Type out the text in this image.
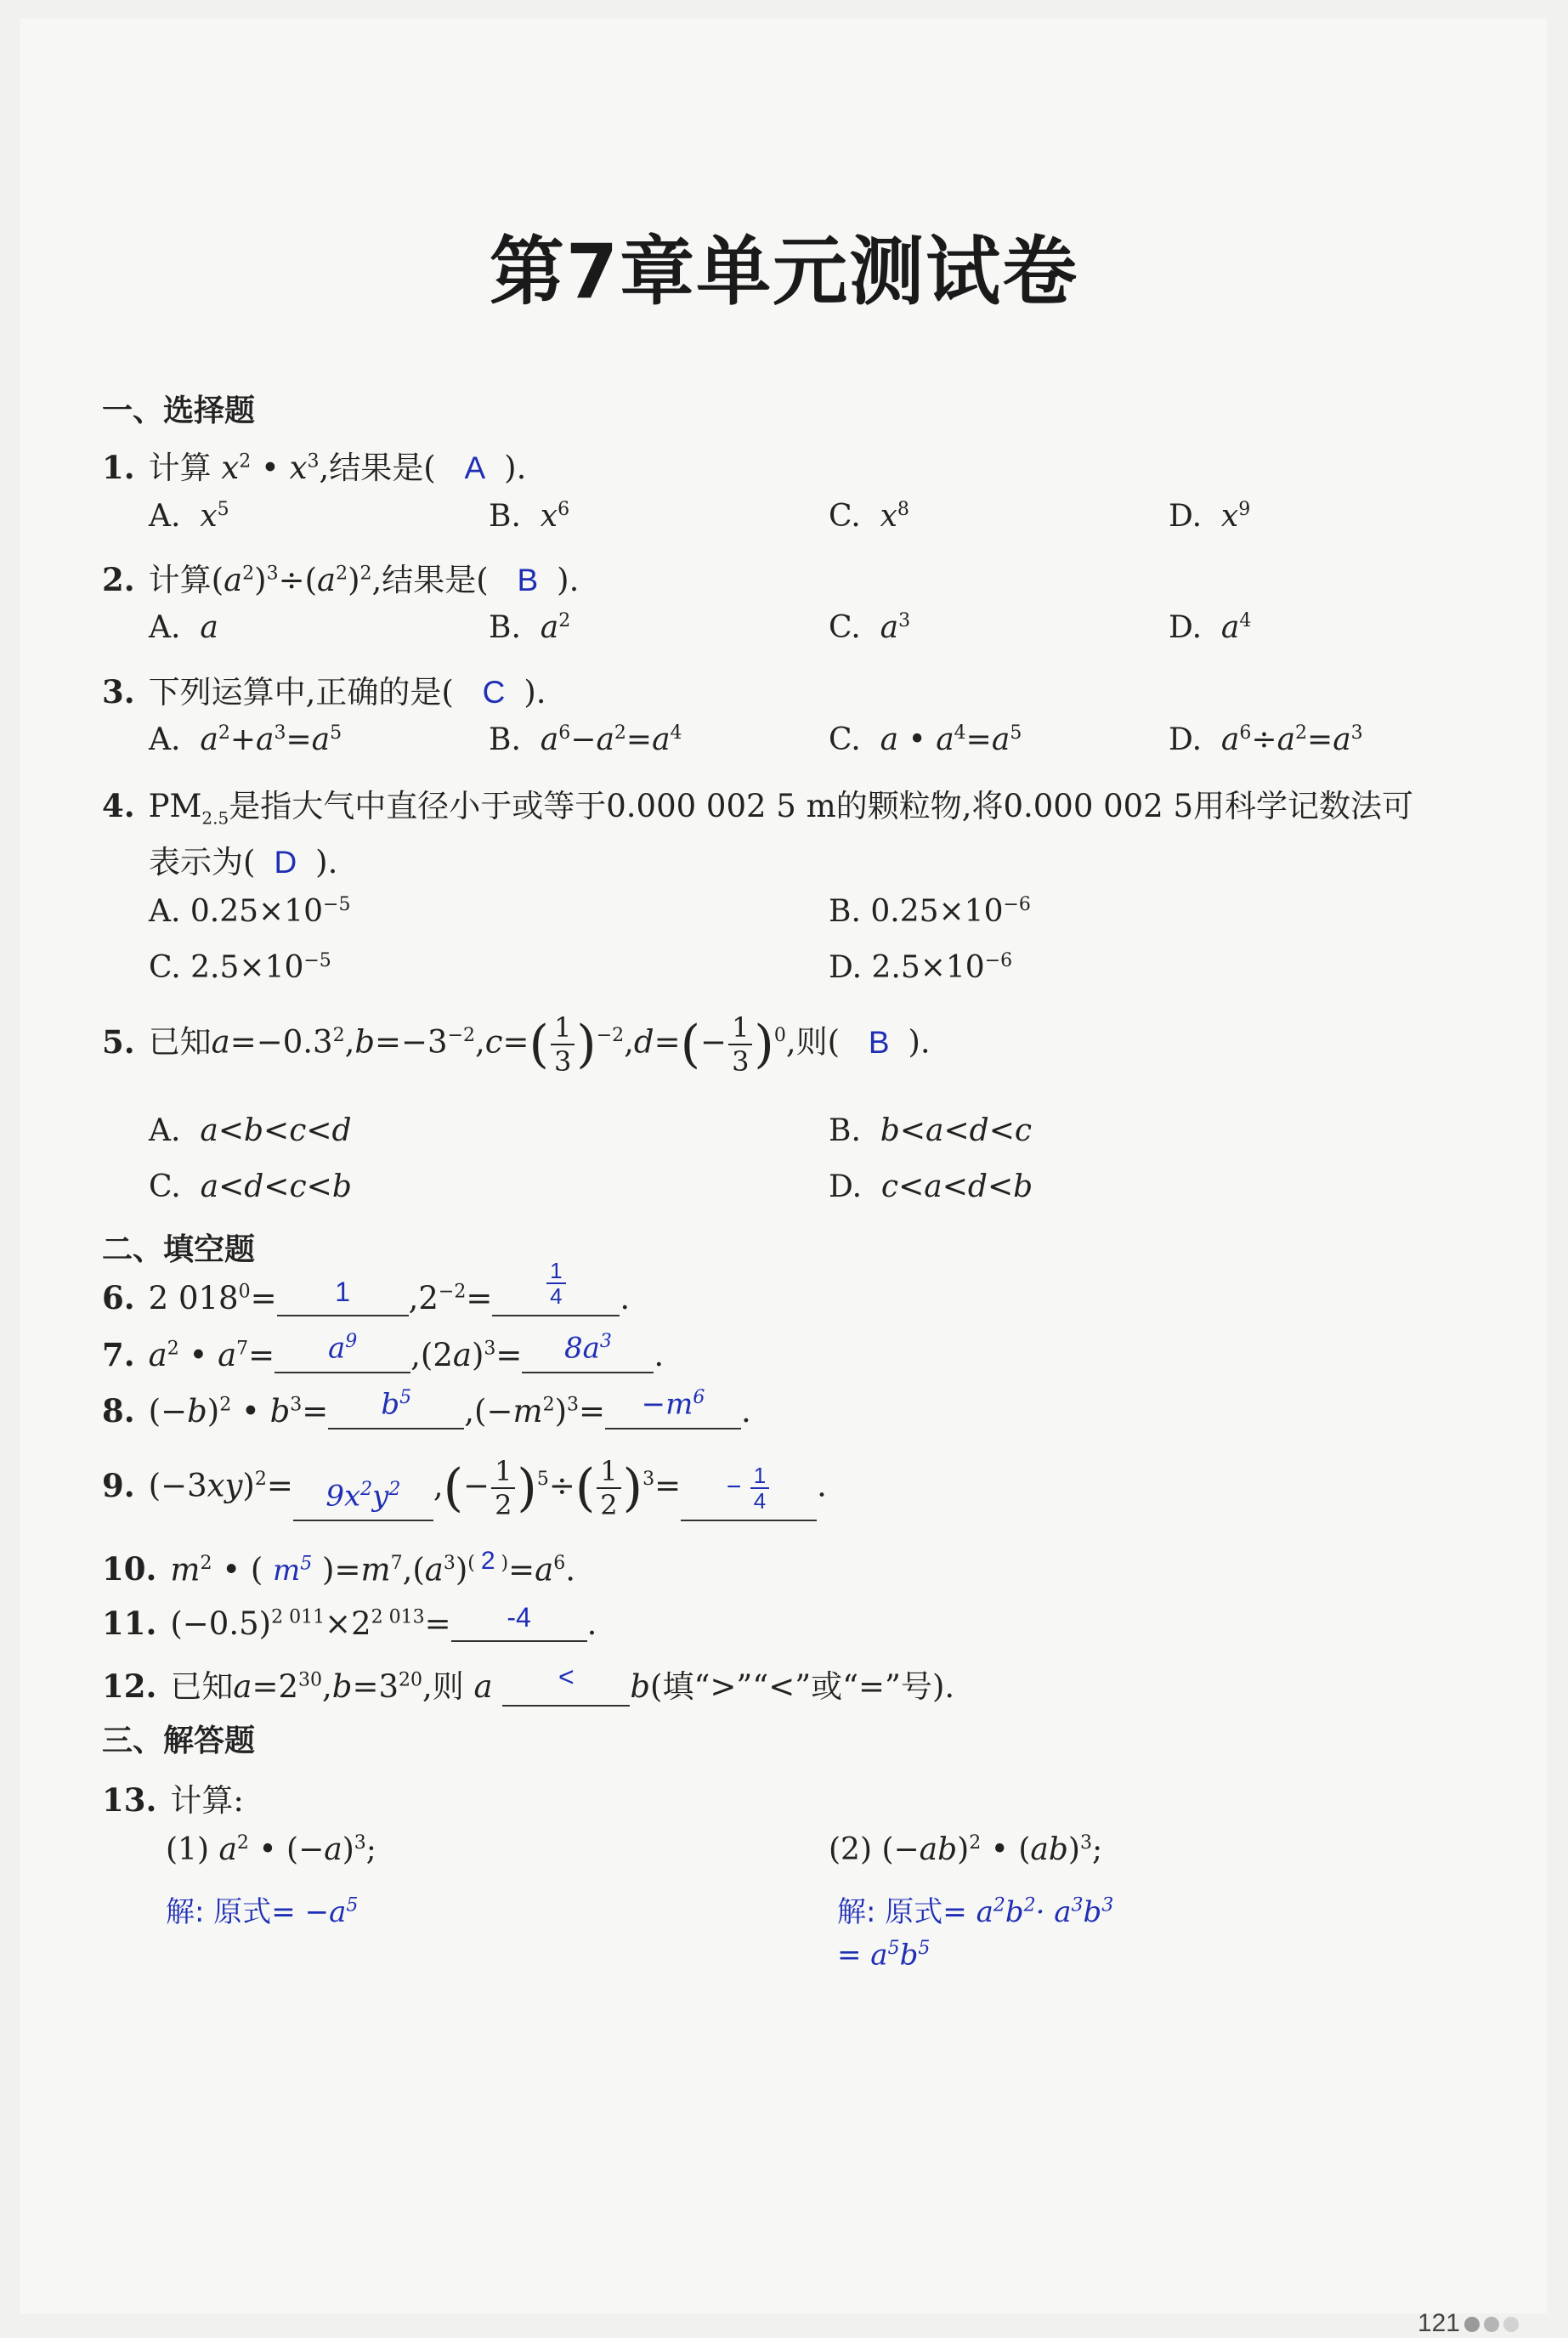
第7章单元测试卷
一、选择题
1. 计算 $x^2$ • $x^3$,结果是( A ).
A. $x^5$	B. $x^6$	C. $x^8$	D. $x^9$
2. 计算$(a^2)^3\div(a^2)^2$,结果是( B ).
A. a	B. $a^2$	C. $a^3$	D. $a^4$
3. 下列运算中,正确的是( C ).
A. $a^2+a^3=a^5$	B. $a^6-a^2=a^4$	C. a • $a^4=a^5$	D. $a^6\div a^2=a^3$
4. $PM_{2.5}$是指大气中直径小于或等于0.000 002 5 m的颗粒物,将0.000 002 5用科学记数法可
表示为( D ).
A. $0.25\times 10^{-5}$	B. $0.25\times 10^{-6}$
C. $2.5\times 10^{-5}$	D. $2.5\times 10^{-6}$
5. 已知$a=-0.3^2,b=-3^{-2},c=( \frac{1}{3} )^{-2},d=(- \frac{1}{3} )^0$,则( B ).
A. a<b<c<d	B. b<a<d<c
C. a<d<c<b	D. c<a<d<b
二、填空题
6. 2 $018^0=$	1	$,2^{-2}= \frac{1}{4}$ .
7. $a^2$ • $a^7=$	$a^9$	$,(2a)^3=$	$8a^3$	.
8. $(-b)^2$ • $b^3=$	$b^5$	$,(-m^2)^3=$	$-m^6$	.
9. $(-3xy)^2=$	$9x^2y^2$	,(− $\frac{1}{2} )^5\div( \frac{1}{2} )^3=$	− $\frac{1}{4}$ .
10. $m^2$ • ( $m^5$ )$=m^7,(a^3)^{( 2 )}=a^6$.
11. $(-0.5)^{2 011}\times 2^{2 013}=$	-4	.
12. 已知$a=2^{30},b=3^{20}$,则 a	<	b(填“>”“<”或“=”号).
三、解答题
13. 计算:
(1) $a^2$ • $(-a)^3$;	(2) $(-ab)^2$ • (ab)$^3$;
解: 原式= $-a^5$	解: 原式= $a^2b^2\cdot a^3b^3$
= $a^5b^5$
121
